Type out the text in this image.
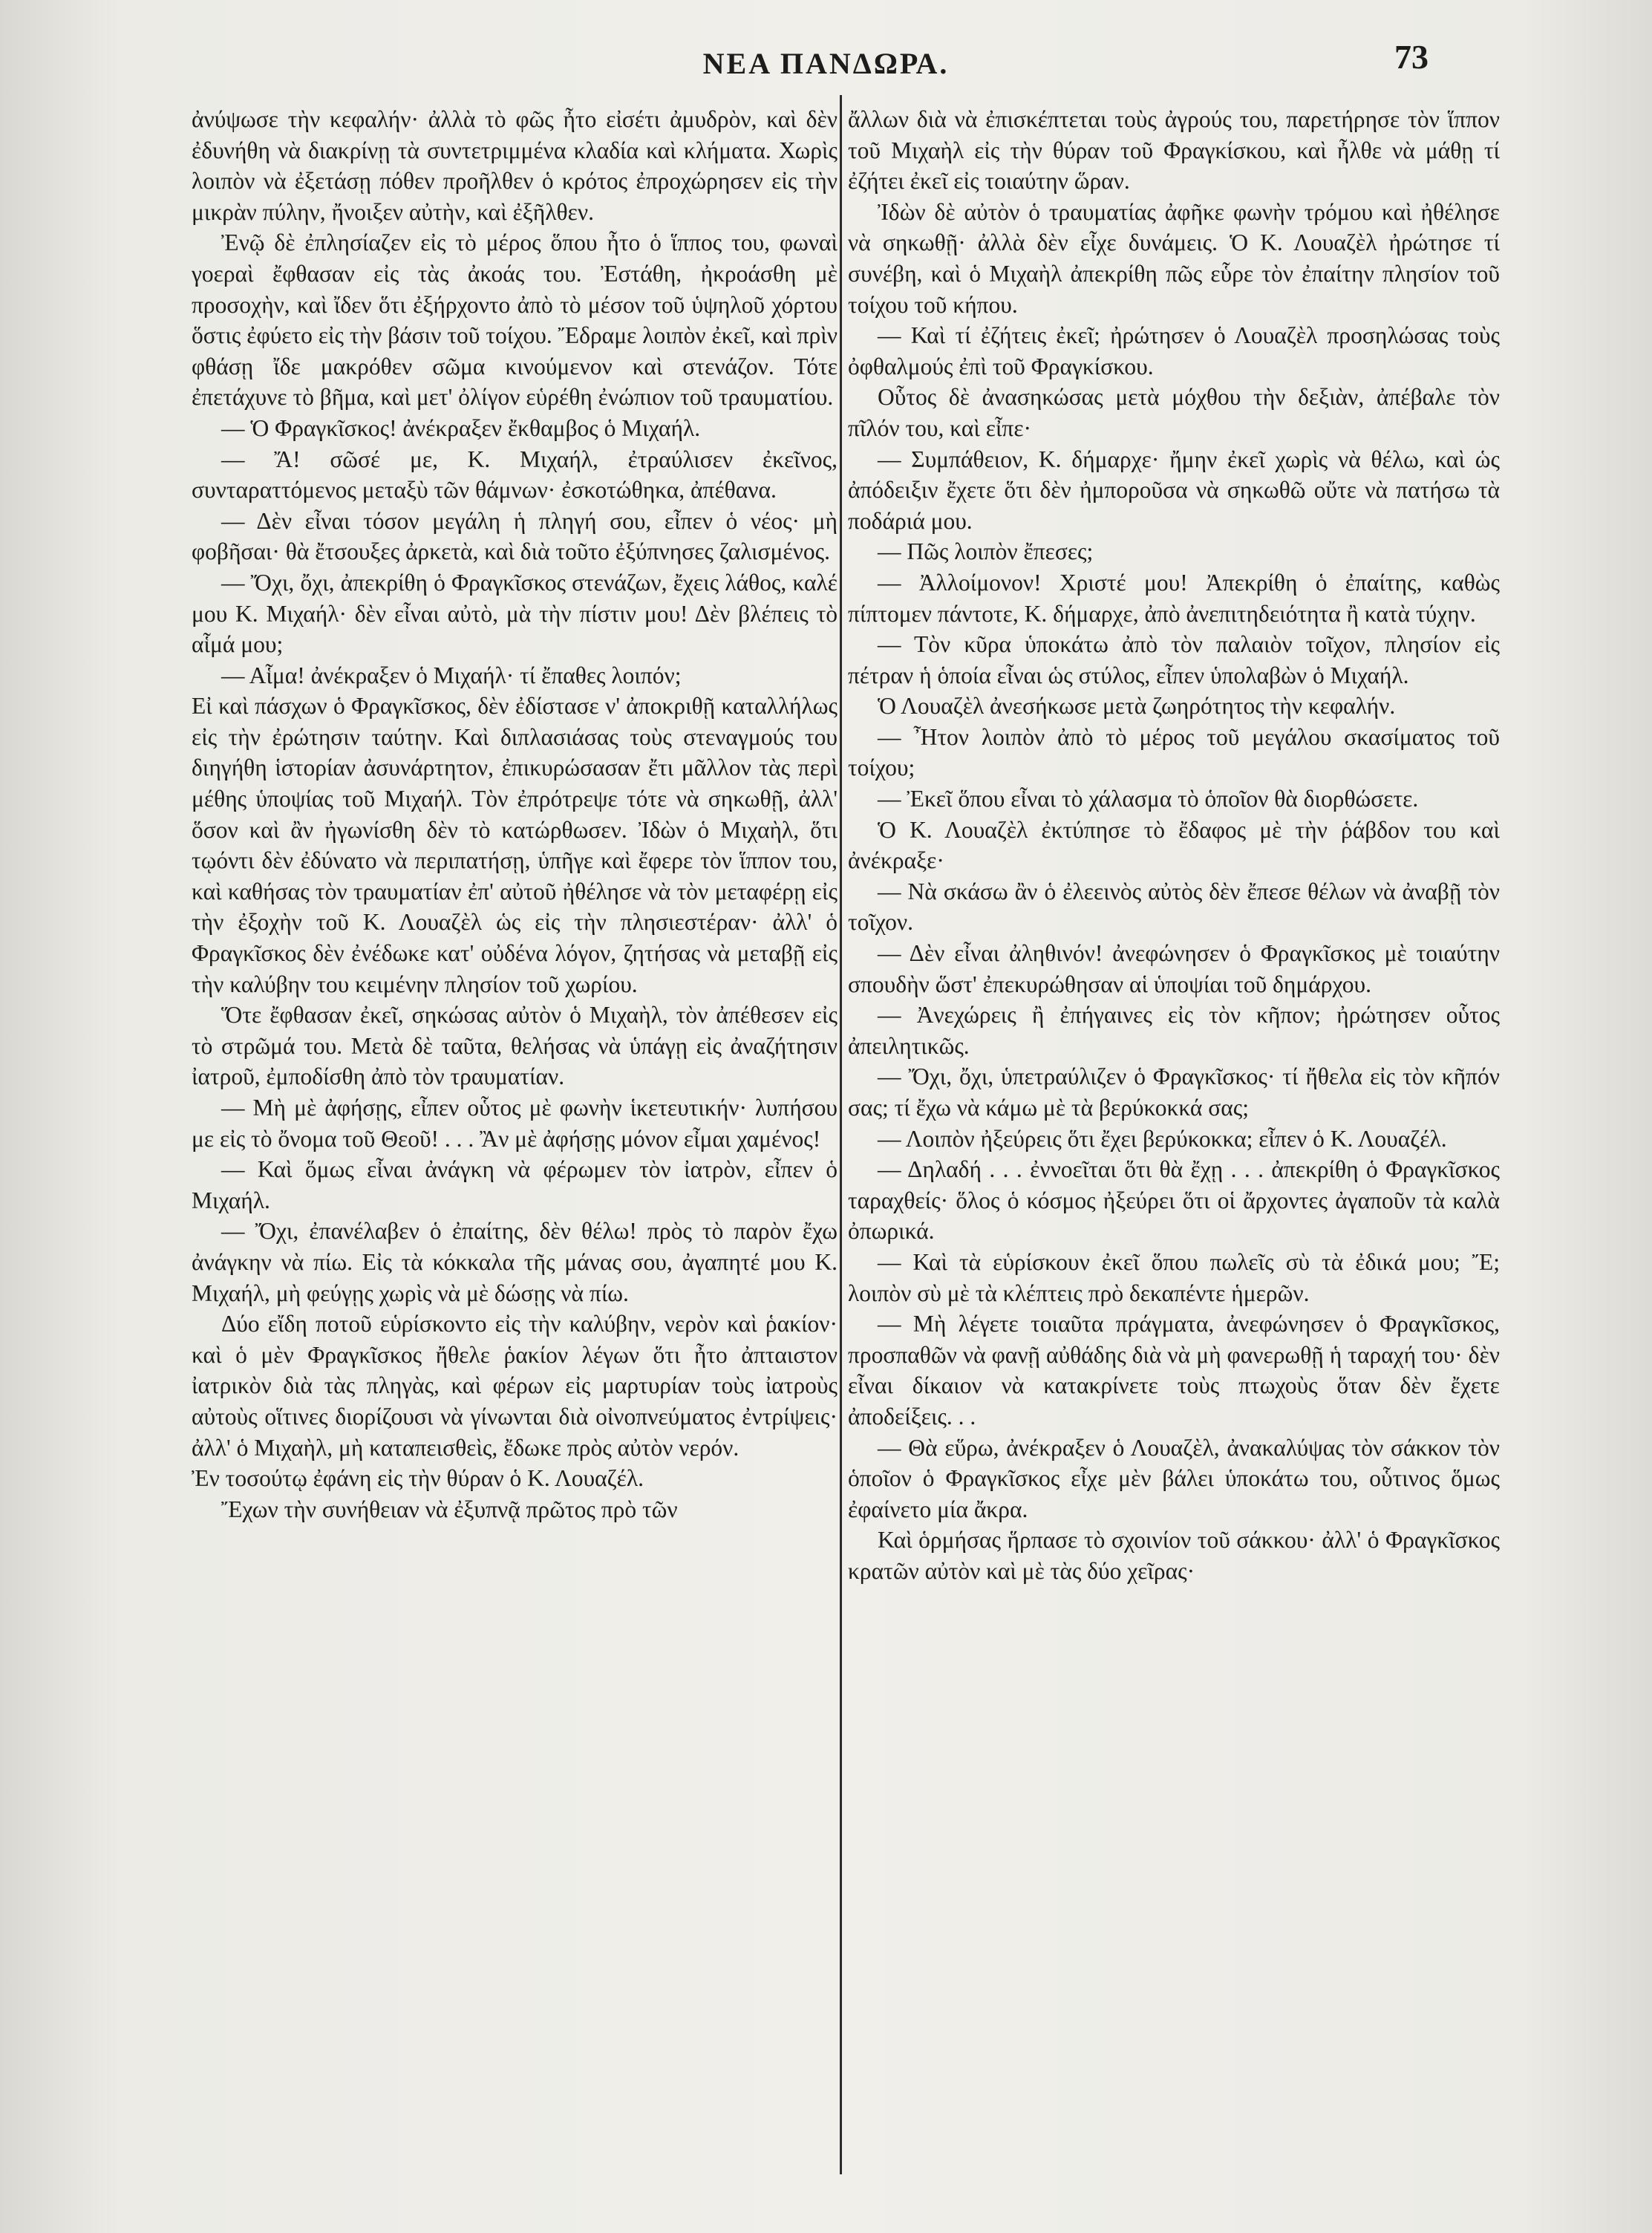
ΝΕΑ ΠΑΝΔΩΡΑ.	73

ἀνύψωσε τὴν κεφαλήν· ἀλλὰ τὸ φῶς ἦτο εἰσέτι ἀμυδρὸν, καὶ δὲν ἐδυνήθη νὰ διακρίνῃ τὰ συντετριμμένα κλαδία καὶ κλήματα. Χωρὶς λοιπὸν νὰ ἐξετάσῃ πόθεν προῆλθεν ὁ κρότος ἐπροχώρησεν εἰς τὴν μικρὰν πύλην, ἤνοιξεν αὐτὴν, καὶ ἐξῆλθεν.

Ἐνῷ δὲ ἐπλησίαζεν εἰς τὸ μέρος ὅπου ἦτο ὁ ἵππος του, φωναὶ γοεραὶ ἔφθασαν εἰς τὰς ἀκοάς του. Ἐστάθη, ἠκροάσθη μὲ προσοχὴν, καὶ ἴδεν ὅτι ἐξήρχοντο ἀπὸ τὸ μέσον τοῦ ὑψηλοῦ χόρτου ὅστις ἐφύετο εἰς τὴν βάσιν τοῦ τοίχου. Ἔδραμε λοιπὸν ἐκεῖ, καὶ πρὶν φθάσῃ ἴδε μακρόθεν σῶμα κινούμενον καὶ στενάζον. Τότε ἐπετάχυνε τὸ βῆμα, καὶ μετ' ὀλίγον εὑρέθη ἐνώπιον τοῦ τραυματίου.

— Ὁ Φραγκῖσκος! ἀνέκραξεν ἔκθαμβος ὁ Μιχαήλ.

— Ἄ! σῶσέ με, Κ. Μιχαήλ, ἐτραύλισεν ἐκεῖνος, συνταραττόμενος μεταξὺ τῶν θάμνων· ἐσκοτώθηκα, ἀπέθανα.

— Δὲν εἶναι τόσον μεγάλη ἡ πληγή σου, εἶπεν ὁ νέος· μὴ φοβῆσαι· θὰ ἔτσουξες ἀρκετὰ, καὶ διὰ τοῦτο ἐξύπνησες ζαλισμένος.

— Ὄχι, ὄχι, ἀπεκρίθη ὁ Φραγκῖσκος στενάζων, ἔχεις λάθος, καλέ μου Κ. Μιχαήλ· δὲν εἶναι αὐτὸ, μὰ τὴν πίστιν μου! Δὲν βλέπεις τὸ αἷμά μου;

— Αἷμα! ἀνέκραξεν ὁ Μιχαήλ· τί ἔπαθες λοιπόν;

Εἰ καὶ πάσχων ὁ Φραγκῖσκος, δὲν ἐδίστασε ν' ἀποκριθῇ καταλλήλως εἰς τὴν ἐρώτησιν ταύτην. Καὶ διπλασιάσας τοὺς στεναγμούς του διηγήθη ἱστορίαν ἀσυνάρτητον, ἐπικυρώσασαν ἔτι μᾶλλον τὰς περὶ μέθης ὑποψίας τοῦ Μιχαήλ. Τὸν ἐπρότρεψε τότε νὰ σηκωθῇ, ἀλλ' ὅσον καὶ ἂν ἠγωνίσθη δὲν τὸ κατώρθωσεν. Ἰδὼν ὁ Μιχαὴλ, ὅτι τῳόντι δὲν ἐδύνατο νὰ περιπατήσῃ, ὑπῆγε καὶ ἔφερε τὸν ἵππον του, καὶ καθήσας τὸν τραυματίαν ἐπ' αὐτοῦ ἠθέλησε νὰ τὸν μεταφέρῃ εἰς τὴν ἐξοχὴν τοῦ Κ. Λουαζὲλ ὡς εἰς τὴν πλησιεστέραν· ἀλλ' ὁ Φραγκῖσκος δὲν ἐνέδωκε κατ' οὐδένα λόγον, ζητήσας νὰ μεταβῇ εἰς τὴν καλύβην του κειμένην πλησίον τοῦ χωρίου.

Ὅτε ἔφθασαν ἐκεῖ, σηκώσας αὐτὸν ὁ Μιχαὴλ, τὸν ἀπέθεσεν εἰς τὸ στρῶμά του. Μετὰ δὲ ταῦτα, θελήσας νὰ ὑπάγῃ εἰς ἀναζήτησιν ἰατροῦ, ἐμποδίσθη ἀπὸ τὸν τραυματίαν.

— Μὴ μὲ ἀφήσῃς, εἶπεν οὗτος μὲ φωνὴν ἱκετευτικήν· λυπήσου με εἰς τὸ ὄνομα τοῦ Θεοῦ! . . . Ἂν μὲ ἀφήσῃς μόνον εἶμαι χαμένος!

— Καὶ ὅμως εἶναι ἀνάγκη νὰ φέρωμεν τὸν ἰατρὸν, εἶπεν ὁ Μιχαήλ.

— Ὄχι, ἐπανέλαβεν ὁ ἐπαίτης, δὲν θέλω! πρὸς τὸ παρὸν ἔχω ἀνάγκην νὰ πίω. Εἰς τὰ κόκκαλα τῆς μάνας σου, ἀγαπητέ μου Κ. Μιχαήλ, μὴ φεύγῃς χωρὶς νὰ μὲ δώσῃς νὰ πίω.

Δύο εἴδη ποτοῦ εὑρίσκοντο εἰς τὴν καλύβην, νερὸν καὶ ῥακίον· καὶ ὁ μὲν Φραγκῖσκος ἤθελε ῥακίον λέγων ὅτι ἦτο ἀπταιστον ἰατρικὸν διὰ τὰς πληγὰς, καὶ φέρων εἰς μαρτυρίαν τοὺς ἰατροὺς αὐτοὺς οἵτινες διορίζουσι νὰ γίνωνται διὰ οἰνοπνεύματος ἐντρίψεις· ἀλλ' ὁ Μιχαὴλ, μὴ καταπεισθεὶς, ἔδωκε πρὸς αὐτὸν νερόν.

Ἐν τοσούτῳ ἐφάνη εἰς τὴν θύραν ὁ Κ. Λουαζέλ.

Ἔχων τὴν συνήθειαν νὰ ἐξυπνᾷ πρῶτος πρὸ τῶν

ἄλλων διὰ νὰ ἐπισκέπτεται τοὺς ἀγρούς του, παρετήρησε τὸν ἵππον τοῦ Μιχαὴλ εἰς τὴν θύραν τοῦ Φραγκίσκου, καὶ ἦλθε νὰ μάθῃ τί ἐζήτει ἐκεῖ εἰς τοιαύτην ὥραν.

Ἰδὼν δὲ αὐτὸν ὁ τραυματίας ἀφῆκε φωνὴν τρόμου καὶ ἠθέλησε νὰ σηκωθῇ· ἀλλὰ δὲν εἶχε δυνάμεις. Ὁ Κ. Λουαζὲλ ἠρώτησε τί συνέβη, καὶ ὁ Μιχαὴλ ἀπεκρίθη πῶς εὗρε τὸν ἐπαίτην πλησίον τοῦ τοίχου τοῦ κήπου.

— Καὶ τί ἐζήτεις ἐκεῖ; ἠρώτησεν ὁ Λουαζὲλ προσηλώσας τοὺς ὀφθαλμούς ἐπὶ τοῦ Φραγκίσκου.

Οὗτος δὲ ἀνασηκώσας μετὰ μόχθου τὴν δεξιὰν, ἀπέβαλε τὸν πῖλόν του, καὶ εἶπε·

— Συμπάθειον, Κ. δήμαρχε· ἤμην ἐκεῖ χωρὶς νὰ θέλω, καὶ ὡς ἀπόδειξιν ἔχετε ὅτι δὲν ἠμποροῦσα νὰ σηκωθῶ οὔτε νὰ πατήσω τὰ ποδάριά μου.

— Πῶς λοιπὸν ἔπεσες;

— Ἀλλοίμονον! Χριστέ μου! Ἀπεκρίθη ὁ ἐπαίτης, καθὼς πίπτομεν πάντοτε, Κ. δήμαρχε, ἀπὸ ἀνεπιτηδειότητα ἢ κατὰ τύχην.

— Τὸν κῦρα ὑποκάτω ἀπὸ τὸν παλαιὸν τοῖχον, πλησίον εἰς πέτραν ἡ ὁποία εἶναι ὡς στύλος, εἶπεν ὑπολαβὼν ὁ Μιχαήλ.

Ὁ Λουαζὲλ ἀνεσήκωσε μετὰ ζωηρότητος τὴν κεφαλήν.

— Ἦτον λοιπὸν ἀπὸ τὸ μέρος τοῦ μεγάλου σκασίματος τοῦ τοίχου;

— Ἐκεῖ ὅπου εἶναι τὸ χάλασμα τὸ ὁποῖον θὰ διορθώσετε.

Ὁ Κ. Λουαζὲλ ἐκτύπησε τὸ ἔδαφος μὲ τὴν ῥάβδον του καὶ ἀνέκραξε·

— Νὰ σκάσω ἂν ὁ ἐλεεινὸς αὐτὸς δὲν ἔπεσε θέλων νὰ ἀναβῇ τὸν τοῖχον.

— Δὲν εἶναι ἀληθινόν! ἀνεφώνησεν ὁ Φραγκῖσκος μὲ τοιαύτην σπουδὴν ὥστ' ἐπεκυρώθησαν αἱ ὑποψίαι τοῦ δημάρχου.

— Ἀνεχώρεις ἢ ἐπήγαινες εἰς τὸν κῆπον; ἠρώτησεν οὗτος ἀπειλητικῶς.

— Ὄχι, ὄχι, ὑπετραύλιζεν ὁ Φραγκῖσκος· τί ἤθελα εἰς τὸν κῆπόν σας; τί ἔχω νὰ κάμω μὲ τὰ βερύκοκκά σας;

— Λοιπὸν ἠξεύρεις ὅτι ἔχει βερύκοκκα; εἶπεν ὁ Κ. Λουαζέλ.

— Δηλαδή . . . ἐννοεῖται ὅτι θὰ ἔχῃ . . . ἀπεκρίθη ὁ Φραγκῖσκος ταραχθείς· ὅλος ὁ κόσμος ἠξεύρει ὅτι οἱ ἄρχοντες ἀγαποῦν τὰ καλὰ ὀπωρικά.

— Καὶ τὰ εὑρίσκουν ἐκεῖ ὅπου πωλεῖς σὺ τὰ ἐδικά μου; Ἔ; λοιπὸν σὺ μὲ τὰ κλέπτεις πρὸ δεκαπέντε ἡμερῶν.

— Μὴ λέγετε τοιαῦτα πράγματα, ἀνεφώνησεν ὁ Φραγκῖσκος, προσπαθῶν νὰ φανῇ αὐθάδης διὰ νὰ μὴ φανερωθῇ ἡ ταραχή του· δὲν εἶναι δίκαιον νὰ κατακρίνετε τοὺς πτωχοὺς ὅταν δὲν ἔχετε ἀποδείξεις. . .

— Θὰ εὕρω, ἀνέκραξεν ὁ Λουαζὲλ, ἀνακαλύψας τὸν σάκκον τὸν ὁποῖον ὁ Φραγκῖσκος εἶχε μὲν βάλει ὑποκάτω του, οὗτινος ὅμως ἐφαίνετο μία ἄκρα.

Καὶ ὁρμήσας ἥρπασε τὸ σχοινίον τοῦ σάκκου· ἀλλ' ὁ Φραγκῖσκος κρατῶν αὐτὸν καὶ μὲ τὰς δύο χεῖρας·
